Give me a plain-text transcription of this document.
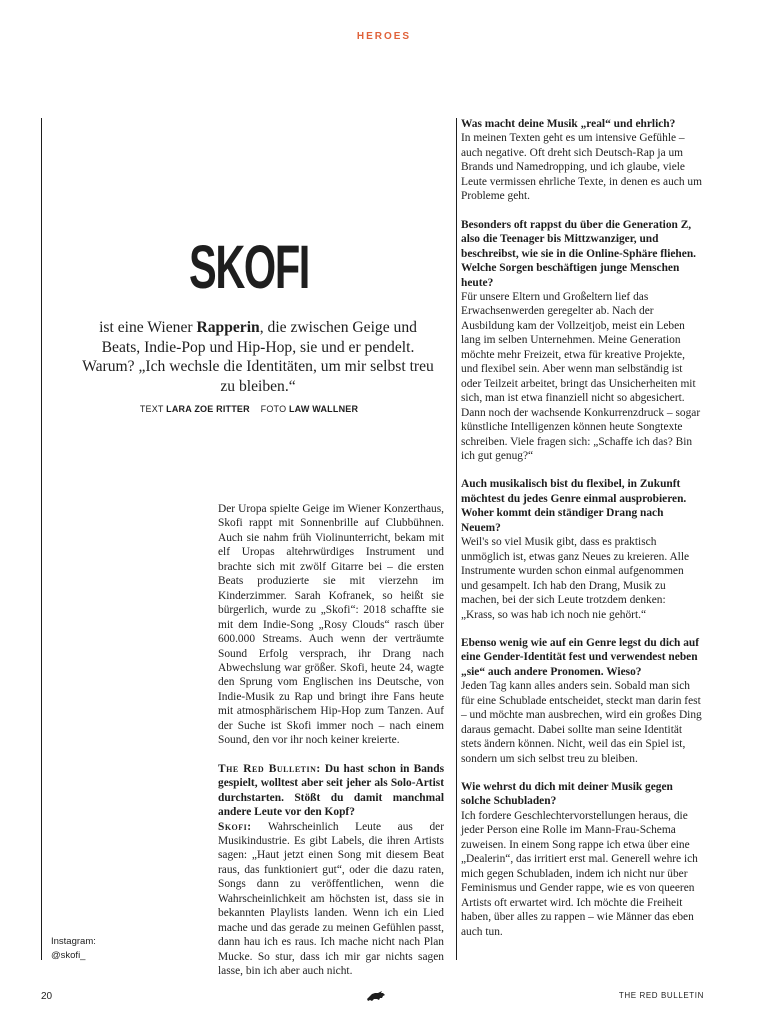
HEROES
SKOFI
ist eine Wiener Rapperin, die zwischen Geige und Beats, Indie-Pop und Hip-Hop, sie und er pendelt. Warum? „Ich wechsle die Identitäten, um mir selbst treu zu bleiben.“
TEXT LARA ZOE RITTER FOTO LAW WALLNER

Der Uropa spielte Geige im Wiener Konzerthaus, Skofi rappt mit Sonnenbrille auf Clubbühnen. Auch sie nahm früh Violinunterricht, bekam mit elf Uropas altehrwürdiges Instrument und brachte sich mit zwölf Gitarre bei – die ersten Beats produzierte sie mit vierzehn im Kinderzimmer. Sarah Kofranek, so heißt sie bürgerlich, wurde zu „Skofi“: 2018 schaffte sie mit dem Indie-Song „Rosy Clouds“ rasch über 600.000 Streams. Auch wenn der verträumte Sound Erfolg versprach, ihr Drang nach Abwechslung war größer. Skofi, heute 24, wagte den Sprung vom Englischen ins Deutsche, von Indie-Musik zu Rap und bringt ihre Fans heute mit atmosphärischem Hip-Hop zum Tanzen. Auf der Suche ist Skofi immer noch – nach einem Sound, den vor ihr noch keiner kreierte.

The Red Bulletin: Du hast schon in Bands gespielt, wolltest aber seit jeher als Solo-Artist durchstarten. Stößt du damit manchmal andere Leute vor den Kopf?
Skofi: Wahrscheinlich Leute aus der Musikindustrie. Es gibt Labels, die ihren Artists sagen: „Haut jetzt einen Song mit diesem Beat raus, das funktioniert gut“, oder die dazu raten, Songs dann zu veröffentlichen, wenn die Wahrscheinlichkeit am höchsten ist, dass sie in bekannten Playlists landen. Wenn ich ein Lied mache und das gerade zu meinen Gefühlen passt, dann hau ich es raus. Ich mache nicht nach Plan Mucke. So stur, dass ich mir gar nichts sagen lasse, bin ich aber auch nicht.

Was macht deine Musik „real“ und ehrlich?

In meinen Texten geht es um intensive Gefühle – auch negative. Oft dreht sich Deutsch-Rap ja um Brands und Namedropping, und ich glaube, viele Leute vermissen ehrliche Texte, in denen es auch um Probleme geht.

Besonders oft rappst du über die Generation Z, also die Teenager bis Mittzwanziger, und beschreibst, wie sie in die Online-Sphäre fliehen. Welche Sorgen beschäftigen junge Menschen heute?

Für unsere Eltern und Großeltern lief das Erwachsenwerden geregelter ab. Nach der Ausbildung kam der Vollzeitjob, meist ein Leben lang im selben Unternehmen. Meine Generation möchte mehr Freizeit, etwa für kreative Projekte, und flexibel sein. Aber wenn man selbständig ist oder Teilzeit arbeitet, bringt das Unsicherheiten mit sich, man ist etwa finanziell nicht so abgesichert. Dann noch der wachsende Konkurrenzdruck – sogar künstliche Intelligenzen können heute Songtexte schreiben. Viele fragen sich: „Schaffe ich das? Bin ich gut genug?“

Auch musikalisch bist du flexibel, in Zukunft möchtest du jedes Genre einmal ausprobieren. Woher kommt dein ständiger Drang nach Neuem?

Weil's so viel Musik gibt, dass es praktisch unmöglich ist, etwas ganz Neues zu kreieren. Alle Instrumente wurden schon einmal aufgenommen und gesampelt. Ich hab den Drang, Musik zu machen, bei der sich Leute trotzdem denken: „Krass, so was hab ich noch nie gehört.“

Ebenso wenig wie auf ein Genre legst du dich auf eine Gender-Identität fest und verwendest neben „sie“ auch andere Pronomen. Wieso?

Jeden Tag kann alles anders sein. Sobald man sich für eine Schublade entscheidet, steckt man darin fest – und möchte man ausbrechen, wird ein großes Ding daraus gemacht. Dabei sollte man seine Identität stets ändern können. Nicht, weil das ein Spiel ist, sondern um sich selbst treu zu bleiben.

Wie wehrst du dich mit deiner Musik gegen solche Schubladen?

Ich fordere Geschlechtervorstellungen heraus, die jeder Person eine Rolle im Mann-Frau-Schema zuweisen. In einem Song rappe ich etwa über eine „Dealerin“, das irritiert erst mal. Generell wehre ich mich gegen Schubladen, indem ich nicht nur über Feminismus und Gender rappe, wie es von queeren Artists oft erwartet wird. Ich möchte die Freiheit haben, über alles zu rappen – wie Männer das eben auch tun.

Instagram:
@skofi_
20	THE RED BULLETIN
